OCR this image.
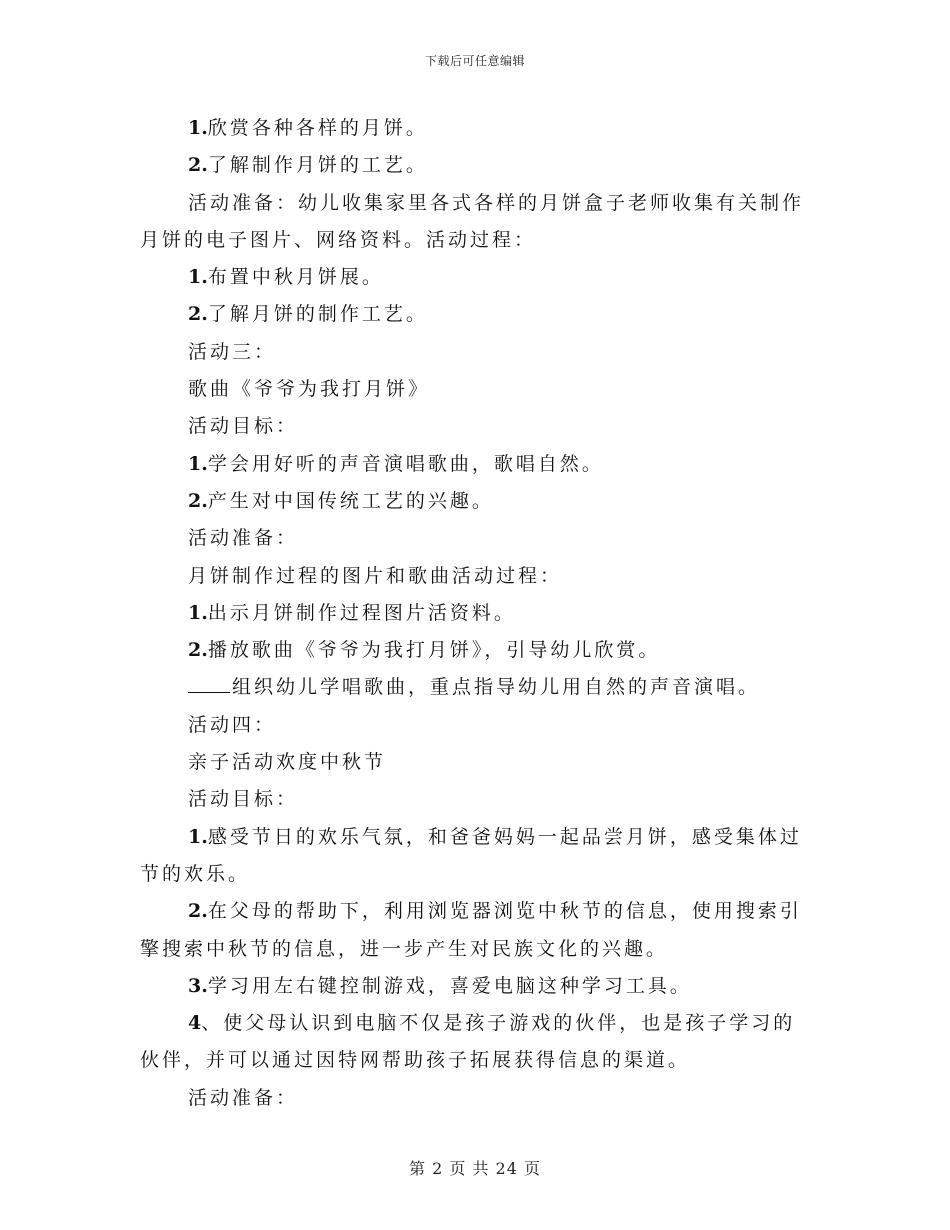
下载后可任意编辑

1.欣赏各种各样的月饼。

2.了解制作月饼的工艺。

活动准备：幼儿收集家里各式各样的月饼盒子老师收集有关制作月饼的电子图片、网络资料。活动过程：

1.布置中秋月饼展。

2.了解月饼的制作工艺。

活动三：

歌曲《爷爷为我打月饼》

活动目标：

1.学会用好听的声音演唱歌曲，歌唱自然。

2.产生对中国传统工艺的兴趣。

活动准备：

月饼制作过程的图片和歌曲活动过程：

1.出示月饼制作过程图片活资料。

2.播放歌曲《爷爷为我打月饼》，引导幼儿欣赏。

组织幼儿学唱歌曲，重点指导幼儿用自然的声音演唱。

活动四：

亲子活动欢度中秋节

活动目标：

1.感受节日的欢乐气氛，和爸爸妈妈一起品尝月饼，感受集体过节的欢乐。

2.在父母的帮助下，利用浏览器浏览中秋节的信息，使用搜索引擎搜索中秋节的信息，进一步产生对民族文化的兴趣。

3.学习用左右键控制游戏，喜爱电脑这种学习工具。

4、使父母认识到电脑不仅是孩子游戏的伙伴，也是孩子学习的伙伴，并可以通过因特网帮助孩子拓展获得信息的渠道。

活动准备：

第 2 页 共 24 页
